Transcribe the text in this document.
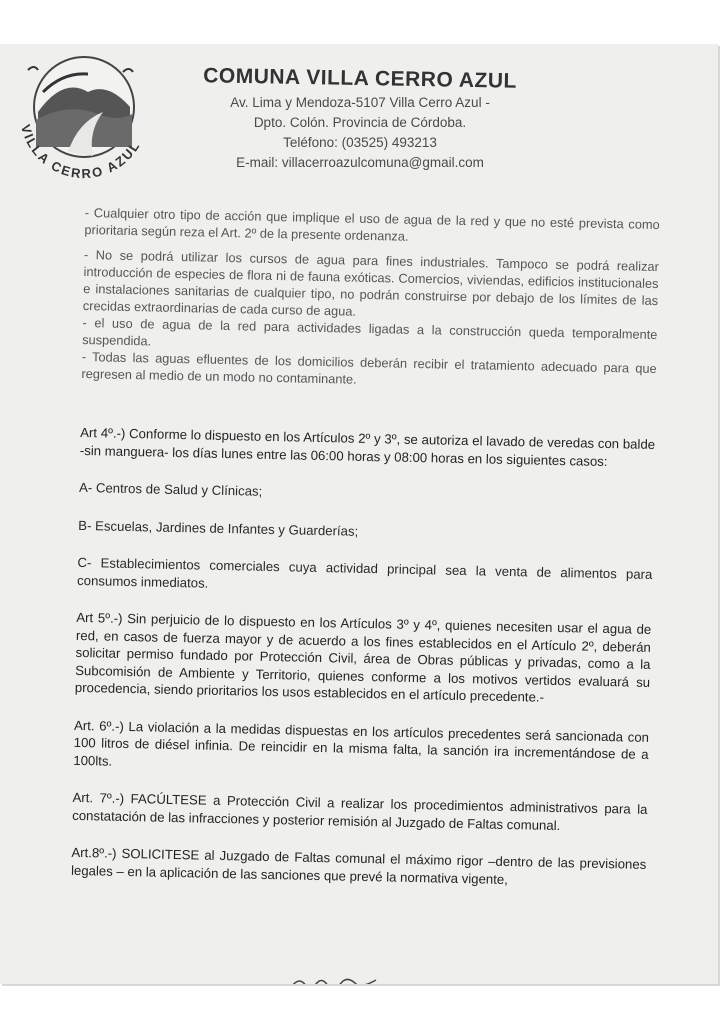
VILLA CERRO AZUL
COMUNA VILLA CERRO AZUL
Av. Lima y Mendoza-5107 Villa Cerro Azul -
Dpto. Colón. Provincia de Córdoba.
Teléfono: (03525) 493213
E-mail: villacerroazulcomuna@gmail.com

- Cualquier otro tipo de acción que implique el uso de agua de la red y que no esté prevista como prioritaria según reza el Art. 2º de la presente ordenanza.

- No se podrá utilizar los cursos de agua para fines industriales. Tampoco se podrá realizar introducción de especies de flora ni de fauna exóticas. Comercios, viviendas, edificios institucionales e instalaciones sanitarias de cualquier tipo, no podrán construirse por debajo de los límites de las crecidas extraordinarias de cada curso de agua.

- el uso de agua de la red para actividades ligadas a la construcción queda temporalmente suspendida.

- Todas las aguas efluentes de los domicilios deberán recibir el tratamiento adecuado para que regresen al medio de un modo no contaminante.

Art 4º.-) Conforme lo dispuesto en los Artículos 2º y 3º, se autoriza el lavado de veredas con balde -sin manguera- los días lunes entre las 06:00 horas y 08:00 horas en los siguientes casos:

A- Centros de Salud y Clínicas;

B- Escuelas, Jardines de Infantes y Guarderías;

C- Establecimientos comerciales cuya actividad principal sea la venta de alimentos para consumos inmediatos.

Art 5º.-) Sin perjuicio de lo dispuesto en los Artículos 3º y 4º, quienes necesiten usar el agua de red, en casos de fuerza mayor y de acuerdo a los fines establecidos en el Artículo 2º, deberán solicitar permiso fundado por Protección Civil, área de Obras públicas y privadas, como a la Subcomisión de Ambiente y Territorio, quienes conforme a los motivos vertidos evaluará su procedencia, siendo prioritarios los usos establecidos en el artículo precedente.-

Art. 6º.-) La violación a la medidas dispuestas en los artículos precedentes será sancionada con 100 litros de diésel infinia. De reincidir en la misma falta, la sanción ira incrementándose de a 100lts.

Art. 7º.-) FACÚLTESE a Protección Civil a realizar los procedimientos administrativos para la constatación de las infracciones y posterior remisión al Juzgado de Faltas comunal.

Art.8º.-) SOLICITESE al Juzgado de Faltas comunal el máximo rigor –dentro de las previsiones legales – en la aplicación de las sanciones que prevé la normativa vigente,
